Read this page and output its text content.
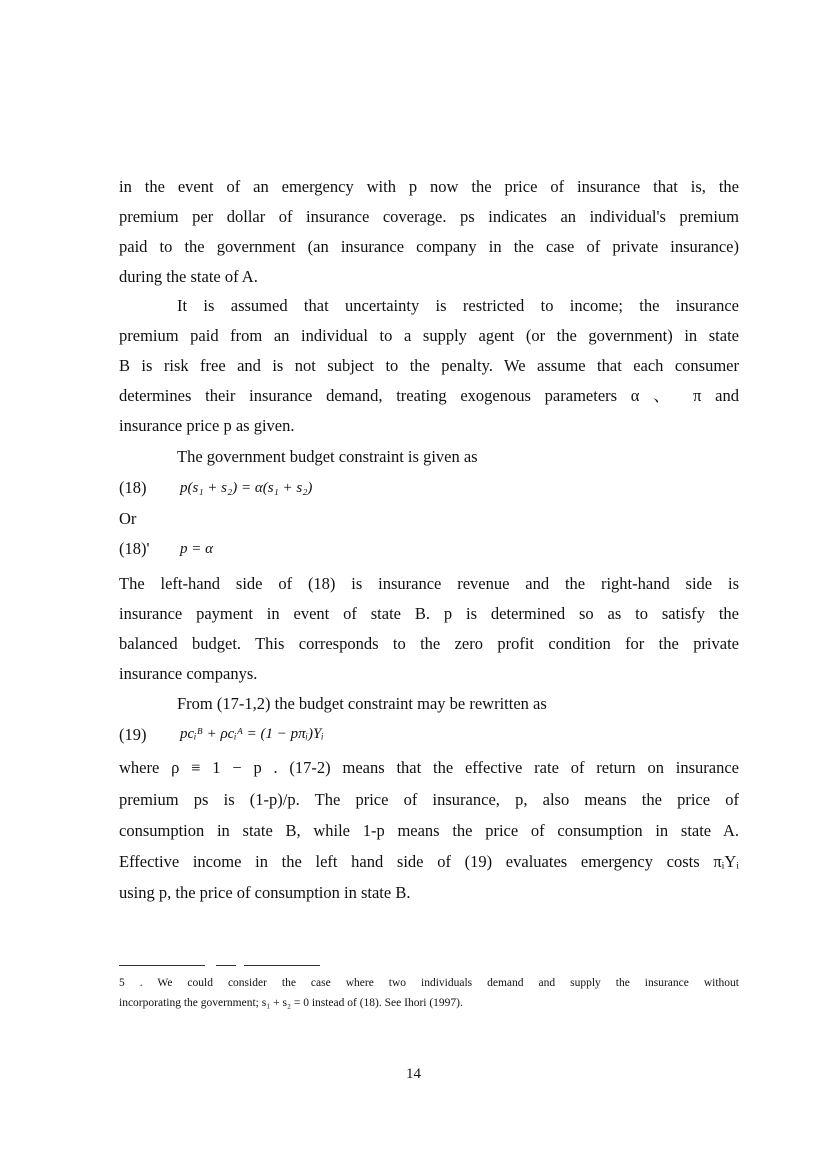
in the event of an emergency with p now the price of insurance that is, the
premium per dollar of insurance coverage. ps indicates an individual's premium
paid to the government (an insurance company in the case of private insurance)
during the state of A.
It is assumed that uncertainty is restricted to income; the insurance
premium paid from an individual to a supply agent (or the government) in state
B is risk free and is not subject to the penalty. We assume that each consumer
determines their insurance demand, treating exogenous parameters α 、 π and
insurance price p as given.
The government budget constraint is given as
(18) p(s₁ + s₂) = α(s₁ + s₂)
Or
(18)' p = α
The left-hand side of (18) is insurance revenue and the right-hand side is
insurance payment in event of state B. p is determined so as to satisfy the
balanced budget. This corresponds to the zero profit condition for the private
insurance companys.
From (17-1,2) the budget constraint may be rewritten as
(19) pcᵢᴮ + ρcᵢᴬ = (1 − pπᵢ)Yᵢ
where ρ ≡ 1 − p . (17-2) means that the effective rate of return on insurance
premium ps is (1-p)/p. The price of insurance, p, also means the price of
consumption in state B, while 1-p means the price of consumption in state A.
Effective income in the left hand side of (19) evaluates emergency costs πᵢYᵢ
using p, the price of consumption in state B.
5 . We could consider the case where two individuals demand and supply the insurance without
incorporating the government; s₁ + s₂ = 0 instead of (18). See Ihori (1997).
14
